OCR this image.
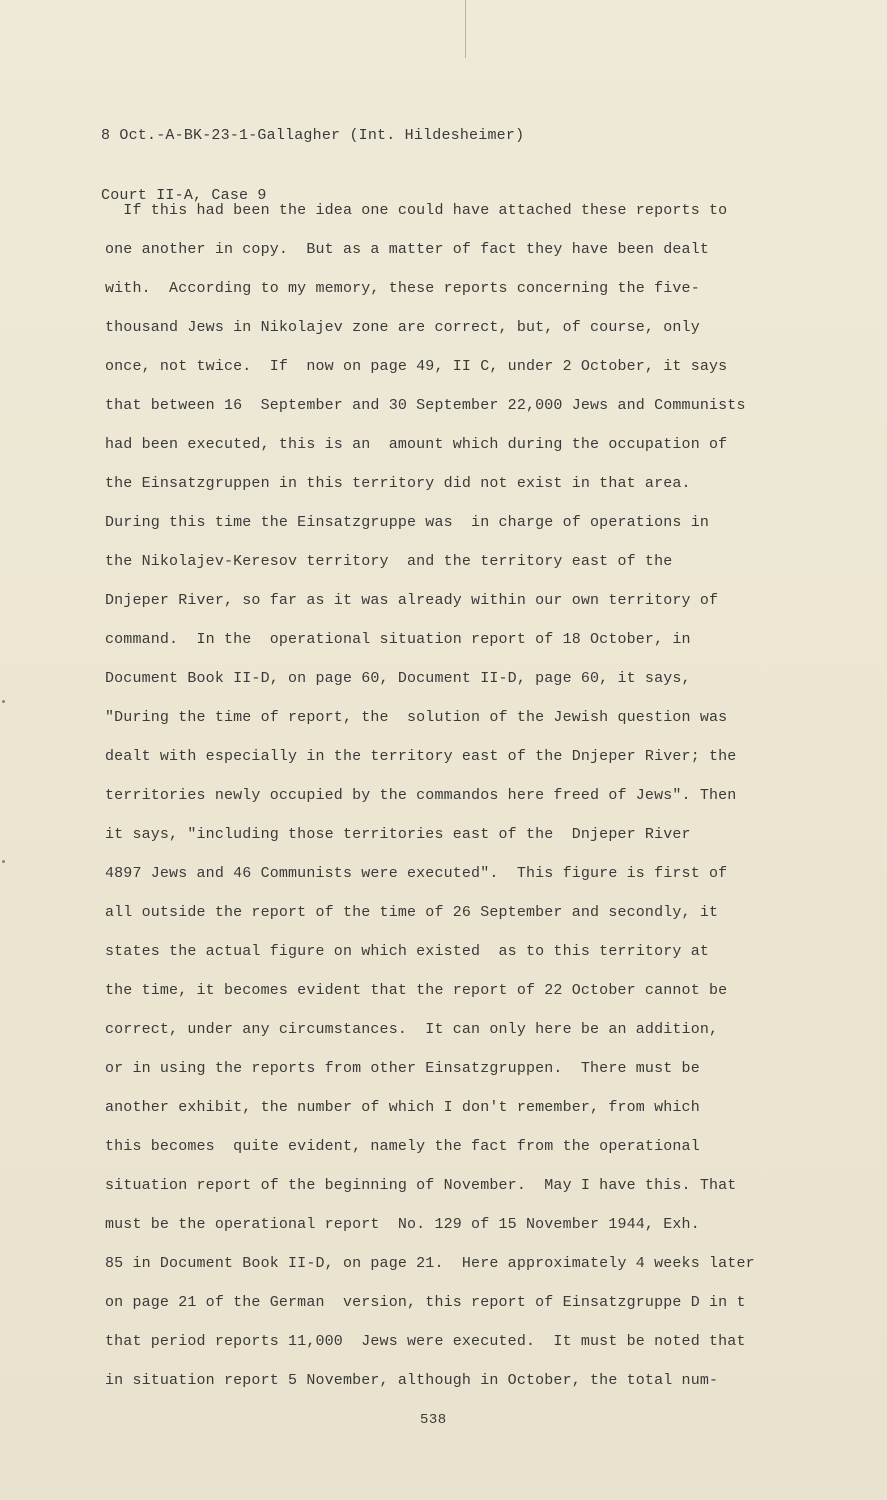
8 Oct.-A-BK-23-1-Gallagher (Int. Hildesheimer)

Court II-A, Case 9

If this had been the idea one could have attached these reports to
one another in copy.  But as a matter of fact they have been dealt
with.  According to my memory, these reports concerning the five-
thousand Jews in Nikolajev zone are correct, but, of course, only
once, not twice.  If  now on page 49, II C, under 2 October, it says
that between 16  September and 30 September 22,000 Jews and Communists
had been executed, this is an  amount which during the occupation of
the Einsatzgruppen in this territory did not exist in that area.
During this time the Einsatzgruppe was  in charge of operations in
the Nikolajev-Keresov territory  and the territory east of the
Dnjeper River, so far as it was already within our own territory of
command.  In the  operational situation report of 18 October, in
Document Book II-D, on page 60, Document II-D, page 60, it says,
"During the time of report, the  solution of the Jewish question was
dealt with especially in the territory east of the Dnjeper River; the
territories newly occupied by the commandos here freed of Jews". Then
it says, "including those territories east of the  Dnjeper River
4897 Jews and 46 Communists were executed".  This figure is first of
all outside the report of the time of 26 September and secondly, it
states the actual figure on which existed  as to this territory at
the time, it becomes evident that the report of 22 October cannot be
correct, under any circumstances.  It can only here be an addition,
or in using the reports from other Einsatzgruppen.  There must be
another exhibit, the number of which I don't remember, from which
this becomes  quite evident, namely the fact from the operational
situation report of the beginning of November.  May I have this. That
must be the operational report  No. 129 of 15 November 1944, Exh.
85 in Document Book II-D, on page 21.  Here approximately 4 weeks later
on page 21 of the German  version, this report of Einsatzgruppe D in t
that period reports 11,000  Jews were executed.  It must be noted that
in situation report 5 November, although in October, the total num-
538
